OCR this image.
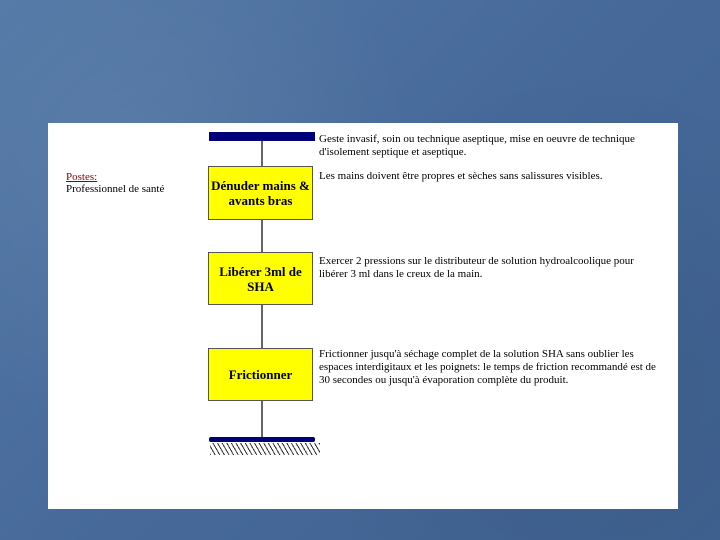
Postes:
Professionnel de santé	Dénuder mains & avants bras
Libérer 3ml de SHA
Frictionner
Geste invasif, soin ou technique aseptique, mise en oeuvre de technique d'isolement septique et aseptique.
Les mains doivent être propres et sèches sans salissures visibles.
Exercer 2 pressions sur le distributeur de solution hydroalcoolique pour libérer 3 ml dans le creux de la main.
Frictionner jusqu'à séchage complet de la solution SHA sans oublier les espaces interdigitaux et les poignets: le temps de friction recommandé est de 30 secondes ou jusqu'à évaporation complète du produit.
